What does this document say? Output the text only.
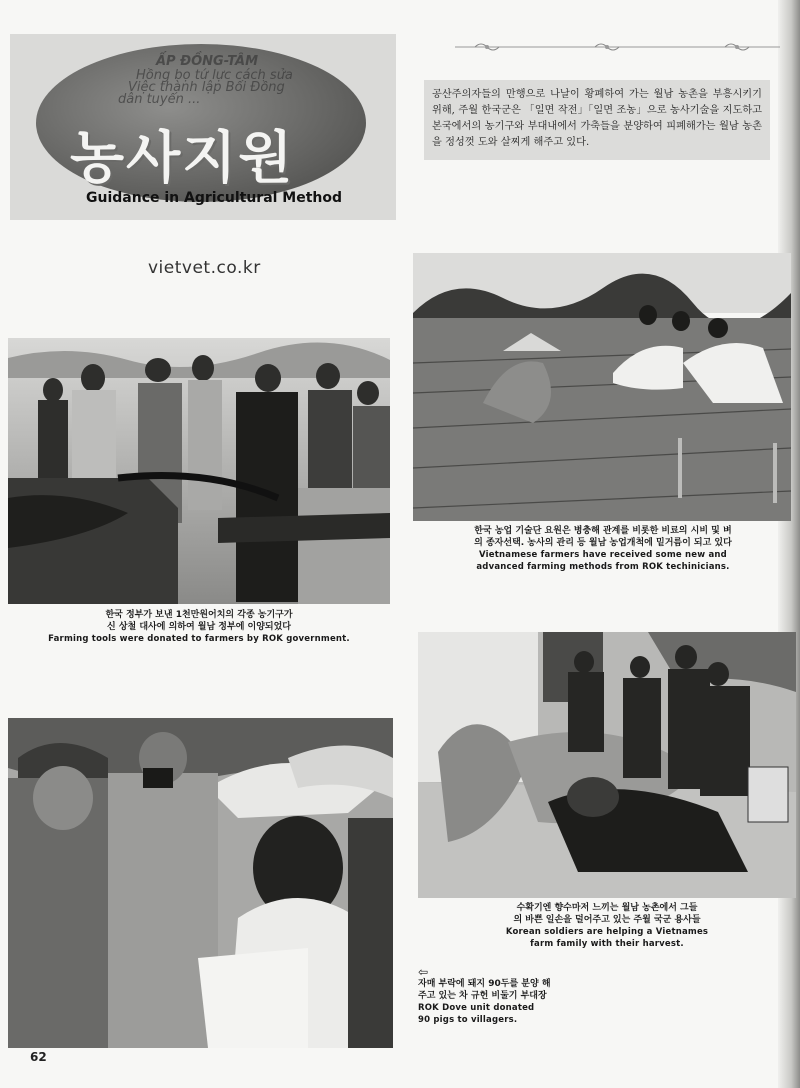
ẤP ĐỒNG-TÂM
Hồng bọ tứ lực cách sửa
Việc thành lập Bối Đồng
dân tuyển ...
농사지원
Guidance in Agricultural Method
공산주의자들의 만행으로 나날이 황폐하여 가는 월남 농촌을 부흥시키기 위해, 주월 한국군은 「일면 작전」「일면 조농」으로 농사기술을 지도하고 본국에서의 농기구와 부대내에서 가축들을 분양하여 피폐해가는 월남 농촌을 정성껏 도와 살찌게 해주고 있다.
vietvet.co.kr
한국 정부가 보낸 1천만원어치의 각종 농기구가
신 상철 대사에 의하여 월남 정부에 이양되었다
Farming tools were donated to farmers by ROK government.
한국 농업 기술단 요원은 병충해 관계를 비롯한 비료의 시비 및 벼
의 종자선택. 농사의 관리 등 월남 농업개척에 밑거름이 되고 있다
Vietnamese farmers have received some new and
advanced farming methods from ROK techinicians.
수확기엔 향수마저 느끼는 월남 농촌에서 그들
의 바쁜 일손을 덜어주고 있는 주월 국군 용사들
Korean soldiers are helping a Vietnames
farm family with their harvest.
⇦
자매 부락에 돼지 90두를 분양 해
주고 있는 차 규헌 비둘기 부대장
ROK Dove unit donated
90 pigs to villagers.
62
